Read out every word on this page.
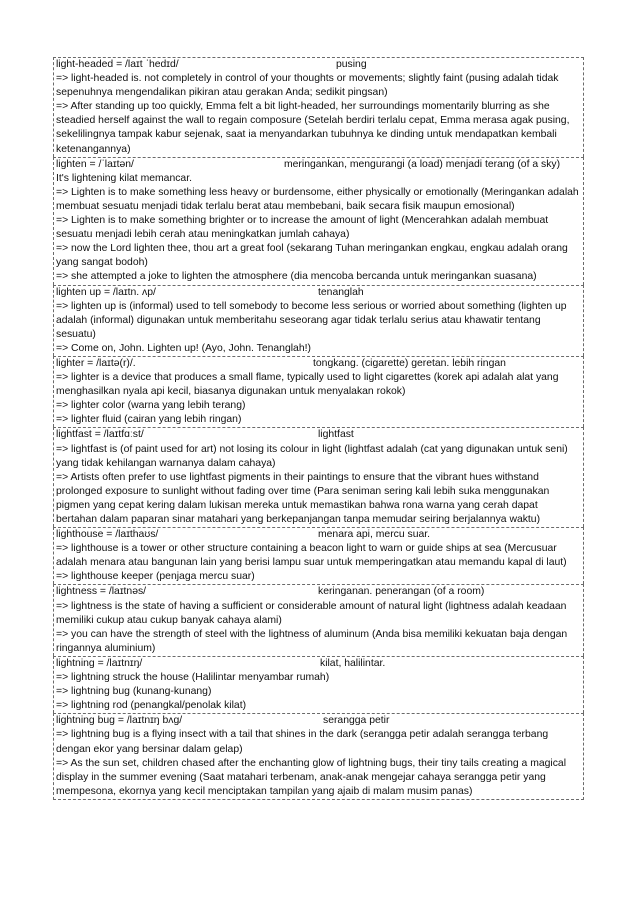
light-headed = /laɪt ˈhedɪd/	pusing

=> light-headed is. not completely in control of your thoughts or movements; slightly faint (pusing adalah tidak sepenuhnya mengendalikan pikiran atau gerakan Anda; sedikit pingsan)

=> After standing up too quickly, Emma felt a bit light-headed, her surroundings momentarily blurring as she steadied herself against the wall to regain composure (Setelah berdiri terlalu cepat, Emma merasa agak pusing, sekelilingnya tampak kabur sejenak, saat ia menyandarkan tubuhnya ke dinding untuk mendapatkan kembali ketenangannya)

lighten = /ˈlaɪtən/	meringankan, mengurangi (a load) menjadi terang (of a sky)

It's lightening kilat memancar.

=> Lighten is to make something less heavy or burdensome, either physically or emotionally (Meringankan adalah membuat sesuatu menjadi tidak terlalu berat atau membebani, baik secara fisik maupun emosional)

=> Lighten is to make something brighter or to increase the amount of light (Mencerahkan adalah membuat sesuatu menjadi lebih cerah atau meningkatkan jumlah cahaya)

=> now the Lord lighten thee, thou art a great fool (sekarang Tuhan meringankan engkau, engkau adalah orang yang sangat bodoh)

=> she attempted a joke to lighten the atmosphere (dia mencoba bercanda untuk meringankan suasana)

lighten up = /laɪtn. ʌp/	tenanglah

=> lighten up is (informal) used to tell somebody to become less serious or worried about something (lighten up adalah (informal) digunakan untuk memberitahu seseorang agar tidak terlalu serius atau khawatir tentang sesuatu)

=> Come on, John. Lighten up! (Ayo, John. Tenanglah!)

lighter = /laɪtə(r)/.	tongkang. (cigarette) geretan. lebih ringan

=> lighter is a device that produces a small flame, typically used to light cigarettes (korek api adalah alat yang menghasilkan nyala api kecil, biasanya digunakan untuk menyalakan rokok)

=> lighter color (warna yang lebih terang)

=> lighter fluid (cairan yang lebih ringan)

lightfast = /laɪtfɑːst/	lightfast

=> lightfast is (of paint used for art) not losing its colour in light (lightfast adalah (cat yang digunakan untuk seni) yang tidak kehilangan warnanya dalam cahaya)

=> Artists often prefer to use lightfast pigments in their paintings to ensure that the vibrant hues withstand prolonged exposure to sunlight without fading over time (Para seniman sering kali lebih suka menggunakan pigmen yang cepat kering dalam lukisan mereka untuk memastikan bahwa rona warna yang cerah dapat bertahan dalam paparan sinar matahari yang berkepanjangan tanpa memudar seiring berjalannya waktu)

lighthouse = /laɪthaʊs/	menara api, mercu suar.

=> lighthouse is a tower or other structure containing a beacon light to warn or guide ships at sea (Mercusuar adalah menara atau bangunan lain yang berisi lampu suar untuk memperingatkan atau memandu kapal di laut)

=> lighthouse keeper (penjaga mercu suar)

lightness = /laɪtnəs/	keringanan. penerangan (of a room)

=> lightness is the state of having a sufficient or considerable amount of natural light (lightness adalah keadaan memiliki cukup atau cukup banyak cahaya alami)

=> you can have the strength of steel with the lightness of aluminum (Anda bisa memiliki kekuatan baja dengan ringannya aluminium)

lightning = /laɪtnɪŋ/	kilat, halilintar.

=> lightning struck the house (Halilintar menyambar rumah)

=> lightning bug (kunang-kunang)

=> lightning rod (penangkal/penolak kilat)

lightning bug = /laɪtnɪŋ bʌg/	serangga petir

=> lightning bug is a flying insect with a tail that shines in the dark (serangga petir adalah serangga terbang dengan ekor yang bersinar dalam gelap)

=> As the sun set, children chased after the enchanting glow of lightning bugs, their tiny tails creating a magical display in the summer evening (Saat matahari terbenam, anak-anak mengejar cahaya serangga petir yang mempesona, ekornya yang kecil menciptakan tampilan yang ajaib di malam musim panas)
